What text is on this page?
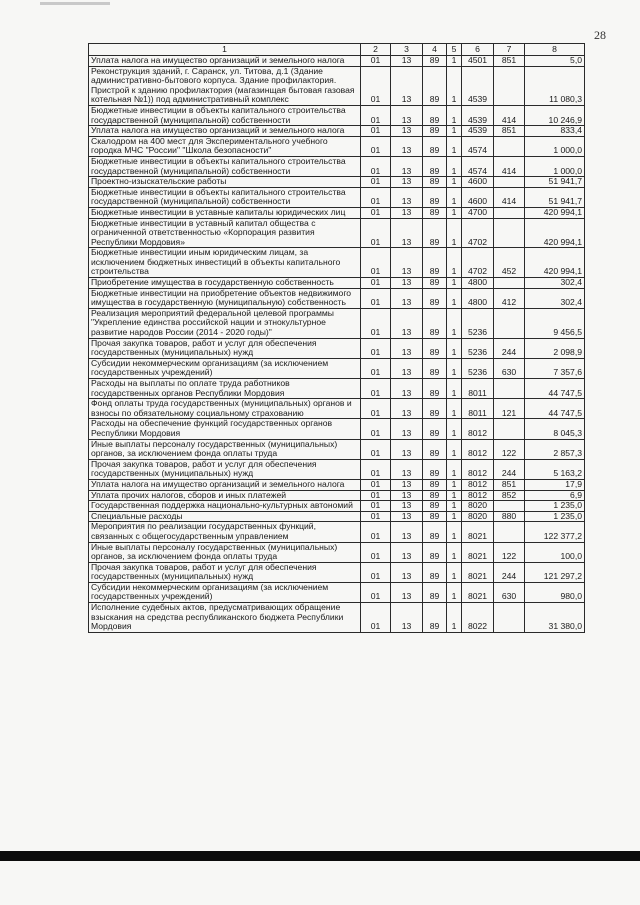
28
1	2	3	4	5	6	7	8
Уплата налога на имущество организаций и земельного налога	01	13	89	1	4501	851	5,0
Реконструкция зданий, г. Саранск, ул. Титова, д.1 (Здание административно-бытового корпуса. Здание профилактория. Пристрой к зданию профилактория (магазинщая бытовая газовая котельная №1)) под административный комплекс	01	13	89	1	4539		11 080,3
Бюджетные инвестиции в объекты капитального строительства государственной (муниципальной) собственности	01	13	89	1	4539	414	10 246,9
Уплата налога на имущество организаций и земельного налога	01	13	89	1	4539	851	833,4
Скалодром на 400 мест для Экспериментального учебного городка МЧС "России" "Школа безопасности"	01	13	89	1	4574		1 000,0
Бюджетные инвестиции в объекты капитального строительства государственной (муниципальной) собственности	01	13	89	1	4574	414	1 000,0
Проектно-изыскательские работы	01	13	89	1	4600		51 941,7
Бюджетные инвестиции в объекты капитального строительства государственной (муниципальной) собственности	01	13	89	1	4600	414	51 941,7
Бюджетные инвестиции в уставные капиталы юридических лиц	01	13	89	1	4700		420 994,1
Бюджетные инвестиции в уставный капитал общества с ограниченной ответственностью «Корпорация развития Республики Мордовия»	01	13	89	1	4702		420 994,1
Бюджетные инвестиции иным юридическим лицам, за исключением бюджетных инвестиций в объекты капитального строительства	01	13	89	1	4702	452	420 994,1
Приобретение имущества в государственную собственность	01	13	89	1	4800		302,4
Бюджетные инвестиции на приобретение объектов недвижимого имущества в государственную (муниципальную) собственность	01	13	89	1	4800	412	302,4
Реализация мероприятий федеральной целевой программы "Укрепление единства российской нации и этнокультурное развитие народов России (2014 - 2020 годы)"	01	13	89	1	5236		9 456,5
Прочая закупка товаров, работ и услуг для обеспечения государственных (муниципальных) нужд	01	13	89	1	5236	244	2 098,9
Субсидии некоммерческим организациям (за исключением государственных учреждений)	01	13	89	1	5236	630	7 357,6
Расходы на выплаты по оплате труда работников государственных органов Республики Мордовия	01	13	89	1	8011		44 747,5
Фонд оплаты труда государственных (муниципальных) органов и взносы по обязательному социальному страхованию	01	13	89	1	8011	121	44 747,5
Расходы на обеспечение функций государственных органов Республики Мордовия	01	13	89	1	8012		8 045,3
Иные выплаты персоналу государственных (муниципальных) органов, за исключением фонда оплаты труда	01	13	89	1	8012	122	2 857,3
Прочая закупка товаров, работ и услуг для обеспечения государственных (муниципальных) нужд	01	13	89	1	8012	244	5 163,2
Уплата налога на имущество организаций и земельного налога	01	13	89	1	8012	851	17,9
Уплата прочих налогов, сборов и иных платежей	01	13	89	1	8012	852	6,9
Государственная поддержка национально-культурных автономий	01	13	89	1	8020		1 235,0
Специальные расходы	01	13	89	1	8020	880	1 235,0
Мероприятия по реализации государственных функций, связанных с общегосударственным управлением	01	13	89	1	8021		122 377,2
Иные выплаты персоналу государственных (муниципальных) органов, за исключением фонда оплаты труда	01	13	89	1	8021	122	100,0
Прочая закупка товаров, работ и услуг для обеспечения государственных (муниципальных) нужд	01	13	89	1	8021	244	121 297,2
Субсидии некоммерческим организациям (за исключением государственных учреждений)	01	13	89	1	8021	630	980,0
Исполнение судебных актов, предусматривающих обращение взыскания на средства республиканского бюджета Республики Мордовия	01	13	89	1	8022		31 380,0
